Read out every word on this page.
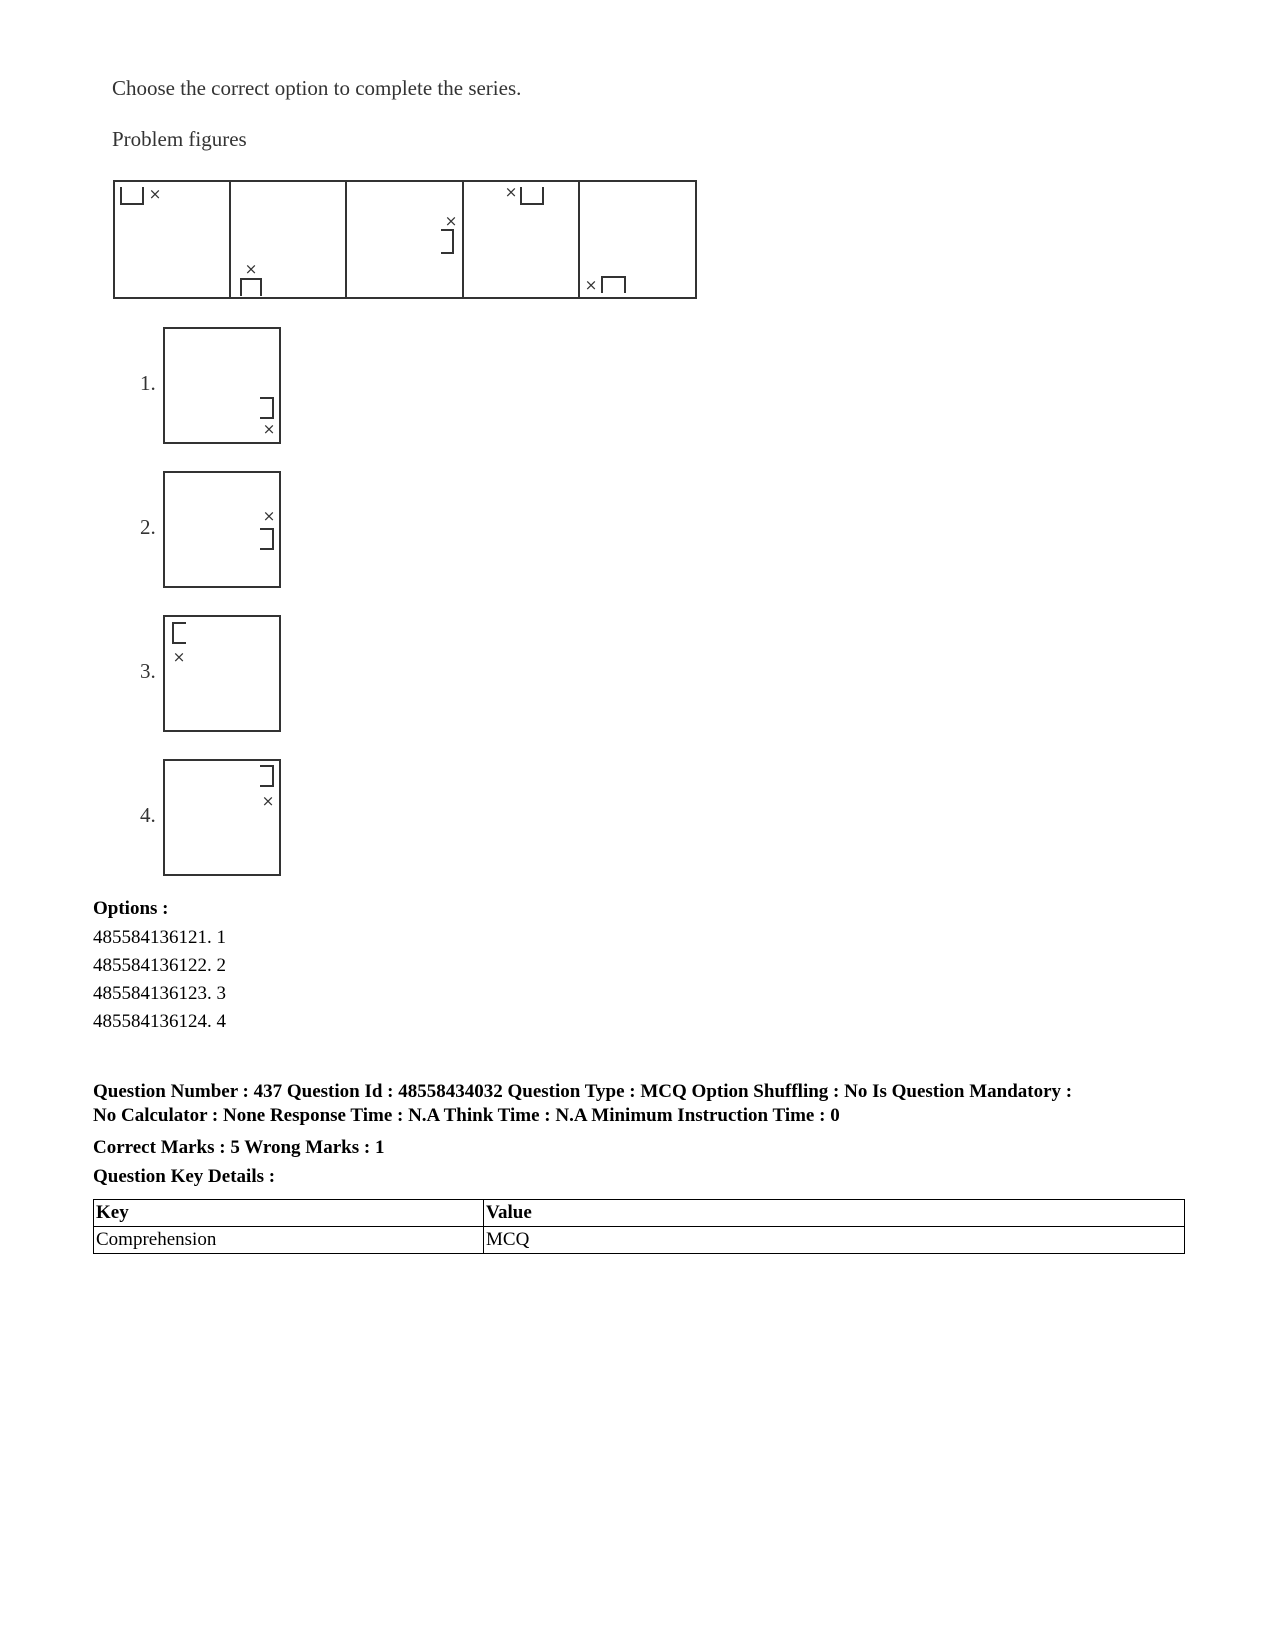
Choose the correct option to complete the series.
Problem figures
×
×
×
×
×
×
×
×
×
1.
2.
3.
4.
Options :
485584136121. 1
485584136122. 2
485584136123. 3
485584136124. 4
Question Number : 437 Question Id : 48558434032 Question Type : MCQ Option Shuffling : No Is Question Mandatory :
No Calculator : None Response Time : N.A Think Time : N.A Minimum Instruction Time : 0
Correct Marks : 5 Wrong Marks : 1
Question Key Details :
Key	Value
Comprehension	MCQ
